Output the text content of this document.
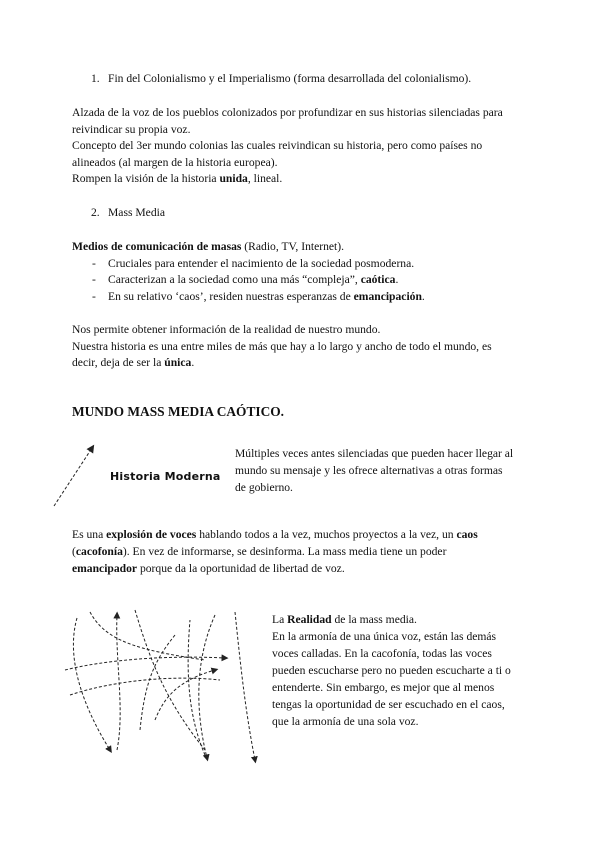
1. Fin del Colonialismo y el Imperialismo (forma desarrollada del colonialismo).
Alzada de la voz de los pueblos colonizados por profundizar en sus historias silenciadas para
reivindicar su propia voz.
Concepto del 3er mundo colonias las cuales reivindican su historia, pero como países no
alineados (al margen de la historia europea).
Rompen la visión de la historia unida, lineal.
2. Mass Media
Medios de comunicación de masas (Radio, TV, Internet).
- Cruciales para entender el nacimiento de la sociedad posmoderna.
- Caracterizan a la sociedad como una más “compleja”, caótica.
- En su relativo ‘caos’, residen nuestras esperanzas de emancipación.
Nos permite obtener información de la realidad de nuestro mundo.
Nuestra historia es una entre miles de más que hay a lo largo y ancho de todo el mundo, es
decir, deja de ser la única.
MUNDO MASS MEDIA CAÓTICO.
Historia Moderna
Múltiples veces antes silenciadas que pueden hacer llegar al
mundo su mensaje y les ofrece alternativas a otras formas
de gobierno.
Es una explosión de voces hablando todos a la vez, muchos proyectos a la vez, un caos
(cacofonía). En vez de informarse, se desinforma. La mass media tiene un poder
emancipador porque da la oportunidad de libertad de voz.
La Realidad de la mass media.
En la armonía de una única voz, están las demás
voces calladas. En la cacofonía, todas las voces
pueden escucharse pero no pueden escucharte a ti o
entenderte. Sin embargo, es mejor que al menos
tengas la oportunidad de ser escuchado en el caos,
que la armonía de una sola voz.
